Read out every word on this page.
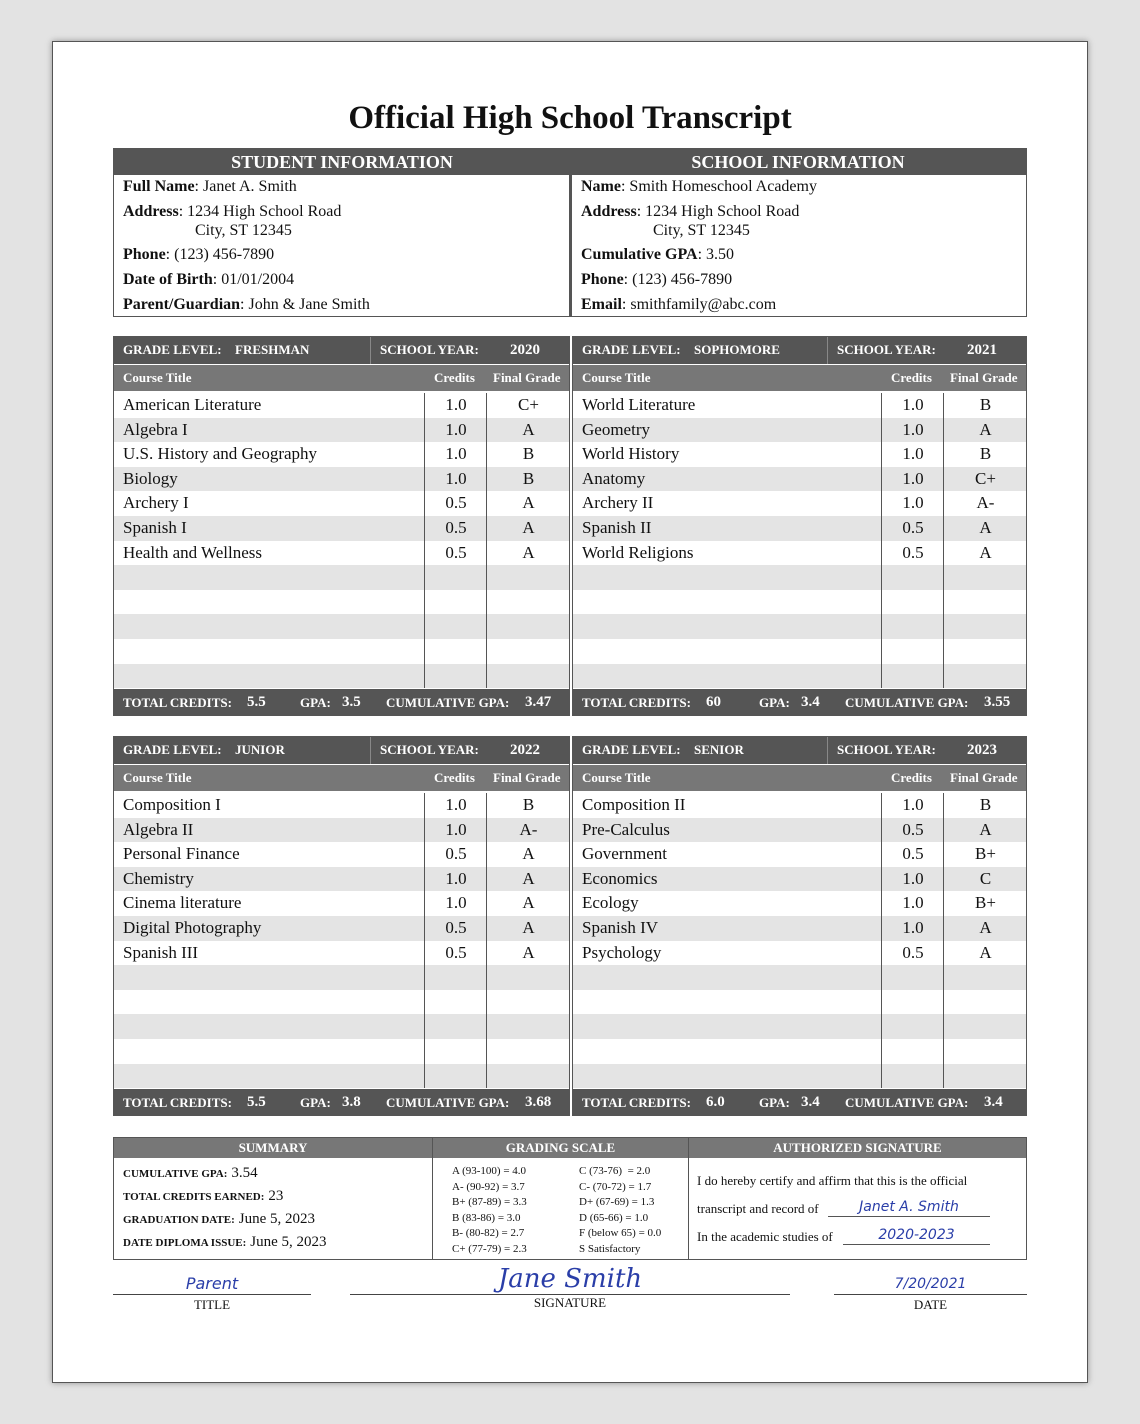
Official High School Transcript
STUDENT INFORMATION	SCHOOL INFORMATION
Full Name: Janet A. Smith
Address: 1234 High School Road
City, ST 12345
Phone: (123) 456-7890
Date of Birth: 01/01/2004
Parent/Guardian: John & Jane Smith
Name: Smith Homeschool Academy
Address: 1234 High School Road
City, ST 12345
Cumulative GPA: 3.50
Phone: (123) 456-7890
Email: smithfamily@abc.com
GRADE LEVEL: FRESHMAN	SCHOOL YEAR: 2020
Course Title	Credits Final Grade
American Literature	1.0	C+
Algebra I	1.0	A
U.S. History and Geography	1.0	B
Biology	1.0	B
Archery I	0.5	A
Spanish I	0.5	A
Health and Wellness	0.5	A
TOTAL CREDITS: 5.5	GPA: 3.5 CUMULATIVE GPA: 3.47
GRADE LEVEL: SOPHOMORE	SCHOOL YEAR: 2021
Course Title	Credits Final Grade
World Literature	1.0	B
Geometry	1.0	A
World History	1.0	B
Anatomy	1.0	C+
Archery II	1.0	A-
Spanish II	0.5	A
World Religions	0.5	A
TOTAL CREDITS: 60	GPA: 3.4 CUMULATIVE GPA: 3.55
GRADE LEVEL: JUNIOR	SCHOOL YEAR: 2022
Course Title	Credits Final Grade
Composition I	1.0	B
Algebra II	1.0	A-
Personal Finance	0.5	A
Chemistry	1.0	A
Cinema literature	1.0	A
Digital Photography	0.5	A
Spanish III	0.5	A
TOTAL CREDITS: 5.5	GPA: 3.8 CUMULATIVE GPA: 3.68
GRADE LEVEL: SENIOR	SCHOOL YEAR: 2023
Course Title	Credits Final Grade
Composition II	1.0	B
Pre-Calculus	0.5	A
Government	0.5	B+
Economics	1.0	C
Ecology	1.0	B+
Spanish IV	1.0	A
Psychology	0.5	A
TOTAL CREDITS: 6.0	GPA: 3.4 CUMULATIVE GPA: 3.4
SUMMARY	GRADING SCALE	AUTHORIZED SIGNATURE
CUMULATIVE GPA: 3.54
TOTAL CREDITS EARNED: 23
GRADUATION DATE: June 5, 2023
DATE DIPLOMA ISSUE: June 5, 2023
A (93-100) = 4.0
A- (90-92) = 3.7
B+ (87-89) = 3.3
B (83-86) = 3.0
B- (80-82) = 2.7
C+ (77-79) = 2.3
C (73-76)  = 2.0
C- (70-72) = 1.7
D+ (67-69) = 1.3
D (65-66) = 1.0
F (below 65) = 0.0
S Satisfactory
I do hereby certify and affirm that this is the official
transcript and record of	Janet A. Smith
In the academic studies of	2020-2023
Parent
TITLE
Jane Smith
SIGNATURE
7/20/2021
DATE
